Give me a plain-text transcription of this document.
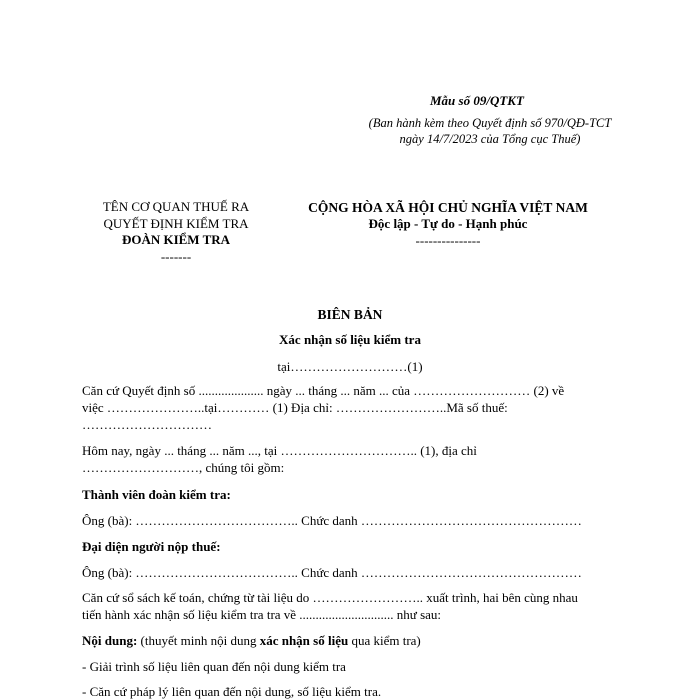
Mẫu số 09/QTKT
(Ban hành kèm theo Quyết định số 970/QĐ-TCT
ngày 14/7/2023 của Tổng cục Thuế)
TÊN CƠ QUAN THUẾ RA
QUYẾT ĐỊNH KIỂM TRA
ĐOÀN KIỂM TRA
-------
CỘNG HÒA XÃ HỘI CHỦ NGHĨA VIỆT NAM
Độc lập - Tự do - Hạnh phúc
---------------
BIÊN BẢN
Xác nhận số liệu kiểm tra
tại………………………(1)
Căn cứ Quyết định số .................... ngày ... tháng ... năm ... của ……………………… (2) về
việc …………………..tại………… (1) Địa chỉ: ……………………..Mã số thuế:
…………………………
Hôm nay, ngày ... tháng ... năm ..., tại ………………………….. (1), địa chỉ
………………………, chúng tôi gồm:
Thành viên đoàn kiểm tra:
Ông (bà): ……………………………….. Chức danh ……………………………………………
Đại diện người nộp thuế:
Ông (bà): ……………………………….. Chức danh ……………………………………………
Căn cứ sổ sách kế toán, chứng từ tài liệu do …………………….. xuất trình, hai bên cùng nhau
tiến hành xác nhận số liệu kiểm tra tra về ............................. như sau:
Nội dung: (thuyết minh nội dung xác nhận số liệu qua kiểm tra)
- Giải trình số liệu liên quan đến nội dung kiểm tra
- Căn cứ pháp lý liên quan đến nội dung, số liệu kiểm tra.
